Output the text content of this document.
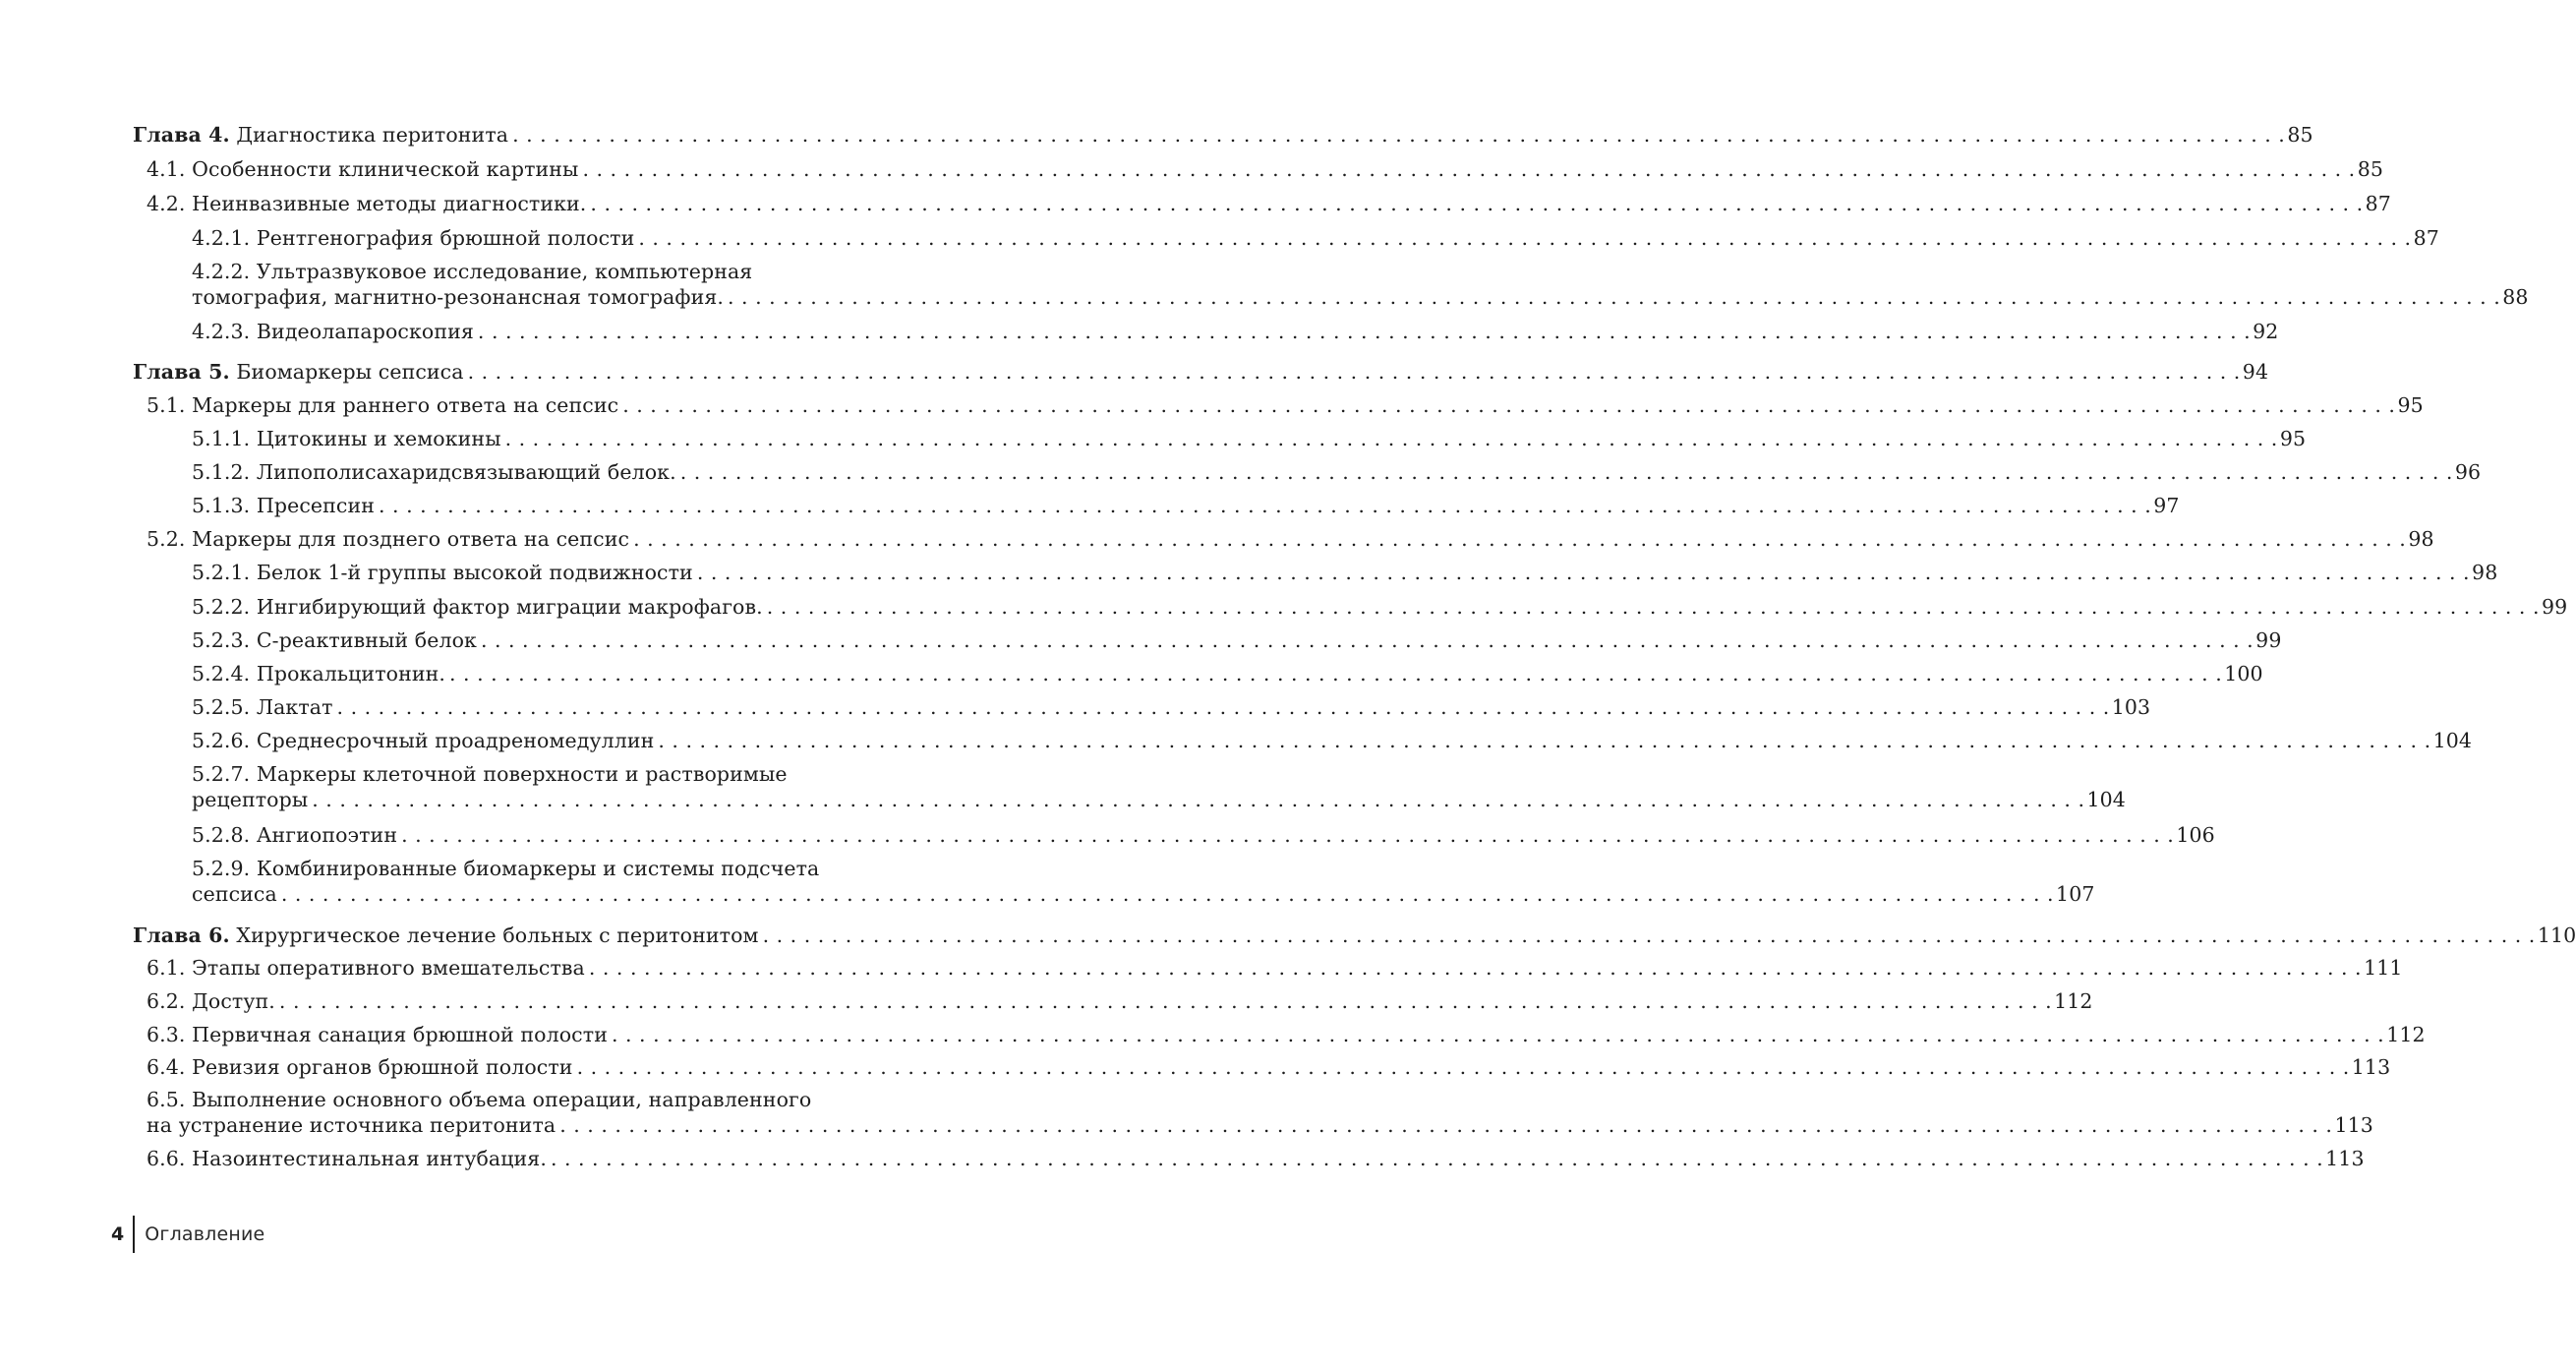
Глава 4. Диагностика перитонита . . .	85
4.1. Особенности клинической картины . . .	85
4.2. Неинвазивные методы диагностики. . . .	87
4.2.1. Рентгенография брюшной полости . . .	87
4.2.2. Ультразвуковое исследование, компьютерная
томография, магнитно-резонансная томография. . . .	88
4.2.3. Видеолапароскопия . . .	92
Глава 5. Биомаркеры сепсиса . . .	94
5.1. Маркеры для раннего ответа на сепсис . . .	95
5.1.1. Цитокины и хемокины . . .	95
5.1.2. Липополисахаридсвязывающий белок. . . .	96
5.1.3. Пресепсин . . .	97
5.2. Маркеры для позднего ответа на сепсис . . .	98
5.2.1. Белок 1-й группы высокой подвижности . . .	98
5.2.2. Ингибирующий фактор миграции макрофагов. . . .	99
5.2.3. С-реактивный белок . . .	99
5.2.4. Прокальцитонин. . . .	100
5.2.5. Лактат . . .	103
5.2.6. Среднесрочный проадреномедуллин . . .	104
5.2.7. Маркеры клеточной поверхности и растворимые
рецепторы . . .	104
5.2.8. Ангиопоэтин . . .	106
5.2.9. Комбинированные биомаркеры и системы подсчета
сепсиса . . .	107
Глава 6. Хирургическое лечение больных с перитонитом . . .	110
6.1. Этапы оперативного вмешательства . . .	111
6.2. Доступ. . . .	112
6.3. Первичная санация брюшной полости . . .	112
6.4. Ревизия органов брюшной полости . . .	113
6.5. Выполнение основного объема операции, направленного
на устранение источника перитонита . . .	113
6.6. Назоинтестинальная интубация. . . .	113
4	Оглавление
